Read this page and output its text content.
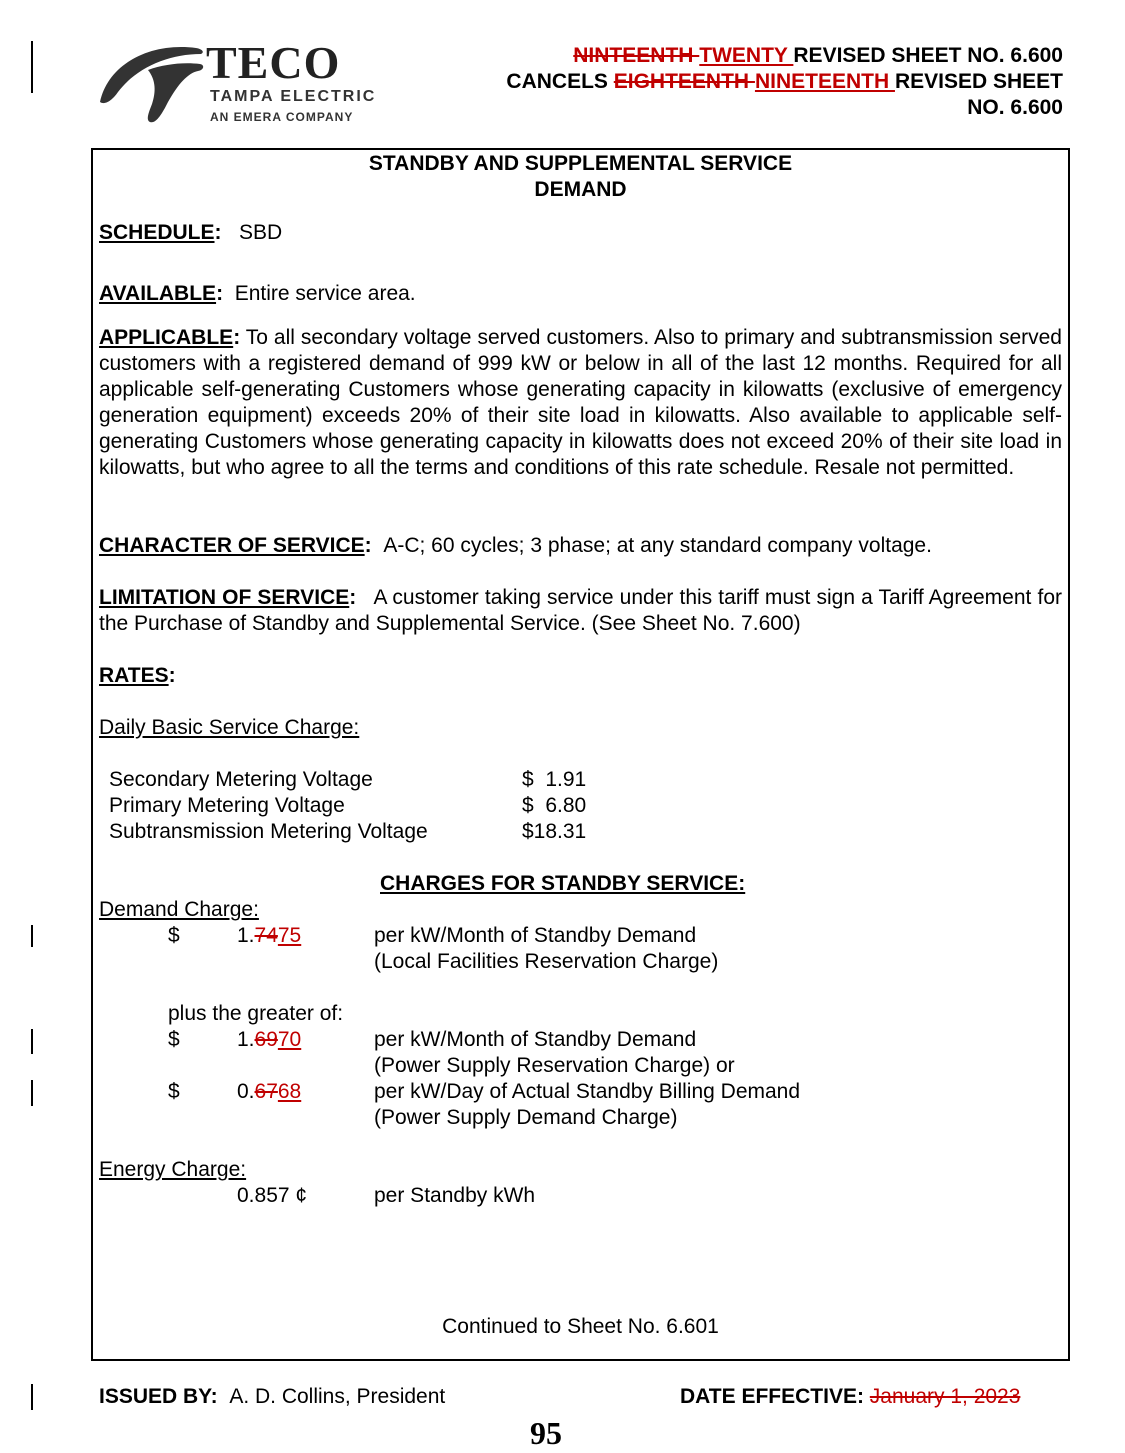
TECO
TAMPA ELECTRIC
AN EMERA COMPANY
NINTEENTH TWENTY REVISED SHEET NO. 6.600
CANCELS EIGHTEENTH NINETEENTH REVISED SHEET
NO. 6.600
STANDBY AND SUPPLEMENTAL SERVICE
DEMAND
SCHEDULE: SBD
AVAILABLE: Entire service area.
APPLICABLE: To all secondary voltage served customers. Also to primary and subtransmission served customers with a registered demand of 999 kW or below in all of the last 12 months. Required for all applicable self-generating Customers whose generating capacity in kilowatts (exclusive of emergency generation equipment) exceeds 20% of their site load in kilowatts. Also available to applicable self-generating Customers whose generating capacity in kilowatts does not exceed 20% of their site load in kilowatts, but who agree to all the terms and conditions of this rate schedule. Resale not permitted.
CHARACTER OF SERVICE: A-C; 60 cycles; 3 phase; at any standard company voltage.
LIMITATION OF SERVICE: A customer taking service under this tariff must sign a Tariff Agreement for the Purchase of Standby and Supplemental Service. (See Sheet No. 7.600)
RATES:
Daily Basic Service Charge:
Secondary Metering Voltage	$  1.91
Primary Metering Voltage	$  6.80
Subtransmission Metering Voltage	$18.31
CHARGES FOR STANDBY SERVICE:
Demand Charge:
$	1.7475	per kW/Month of Standby Demand
(Local Facilities Reservation Charge)
plus the greater of:
$	1.6970	per kW/Month of Standby Demand
(Power Supply Reservation Charge) or
$	0.6768	per kW/Day of Actual Standby Billing Demand
(Power Supply Demand Charge)
Energy Charge:
0.857 ¢	per Standby kWh
Continued to Sheet No. 6.601
ISSUED BY: A. D. Collins, President	DATE EFFECTIVE: January 1, 2023
95
